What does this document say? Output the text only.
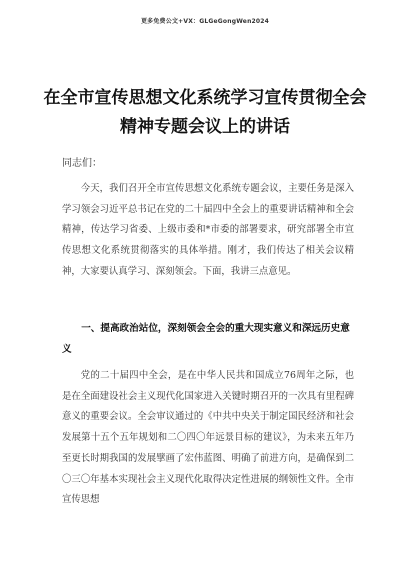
更多免费公文+VX：GLGeGongWen2024
在全市宣传思想文化系统学习宣传贯彻全会精神专题会议上的讲话
同志们：

今天，我们召开全市宣传思想文化系统专题会议，主要任务是深入学习领会习近平总书记在党的二十届四中全会上的重要讲话精神和全会精神，传达学习省委、上级市委和*市委的部署要求，研究部署全市宣传思想文化系统贯彻落实的具体举措。刚才，我们传达了相关会议精神，大家要认真学习、深刻领会。下面，我讲三点意见。

一、提高政治站位，深刻领会全会的重大现实意义和深远历史意义

党的二十届四中全会，是在中华人民共和国成立76周年之际，也是在全面建设社会主义现代化国家进入关键时期召开的一次具有里程碑意义的重要会议。全会审议通过的《中共中央关于制定国民经济和社会发展第十五个五年规划和二〇四〇年远景目标的建议》，为未来五年乃至更长时期我国的发展擘画了宏伟蓝图、明确了前进方向，是确保到二〇三〇年基本实现社会主义现代化取得决定性进展的纲领性文件。全市宣传思想
